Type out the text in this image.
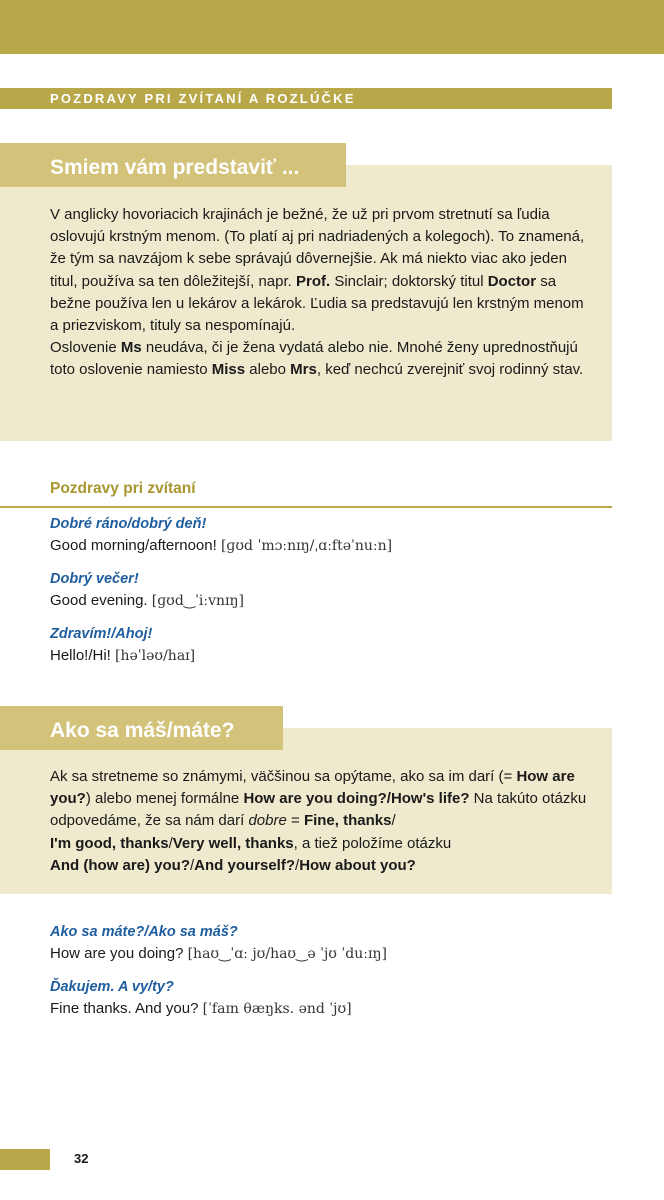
POZDRAVY PRI ZVÍTANÍ A ROZLÚČKE
Smiem vám predstaviť ...
V anglicky hovoriacich krajinách je bežné, že už pri prvom stretnutí sa ľudia oslovujú krstným menom. (To platí aj pri nadriadených a kolegoch). To znamená, že tým sa navzájom k sebe správajú dôvernejšie. Ak má niekto viac ako jeden titul, používa sa ten dôležitejší, napr. Prof. Sinclair; doktorský titul Doctor sa bežne používa len u lekárov a lekárok. Ľudia sa predstavujú len krstným menom a priezviskom, tituly sa nespomínajú.
Oslovenie Ms neudáva, či je žena vydatá alebo nie. Mnohé ženy uprednostňujú toto oslovenie namiesto Miss alebo Mrs, keď nechcú zverejniť svoj rodinný stav.
Pozdravy pri zvítaní
Dobré ráno/dobrý deň!
Good morning/afternoon! [ɡʊd ˈmɔːnɪŋ/ˌɑːftəˈnuːn]
Dobrý večer!
Good evening. [ɡʊd‿ˈiːvnɪŋ]
Zdravím!/Ahoj!
Hello!/Hi! [həˈləʊ/haɪ]
Ako sa máš/máte?
Ak sa stretneme so známymi, väčšinou sa opýtame, ako sa im darí (= How are you?) alebo menej formálne How are you doing?/How's life? Na takúto otázku odpovedáme, že sa nám darí dobre = Fine, thanks/
I'm good, thanks/Very well, thanks, a tiež položíme otázku
And (how are) you?/And yourself?/How about you?
Ako sa máte?/Ako sa máš?
How are you doing? [haʊ‿ˈɑː jʊ/haʊ‿ə ˈjʊ ˈduːɪŋ]
Ďakujem. A vy/ty?
Fine thanks. And you? [ˈfaɪn θæŋks. ənd ˈjʊ]
32
